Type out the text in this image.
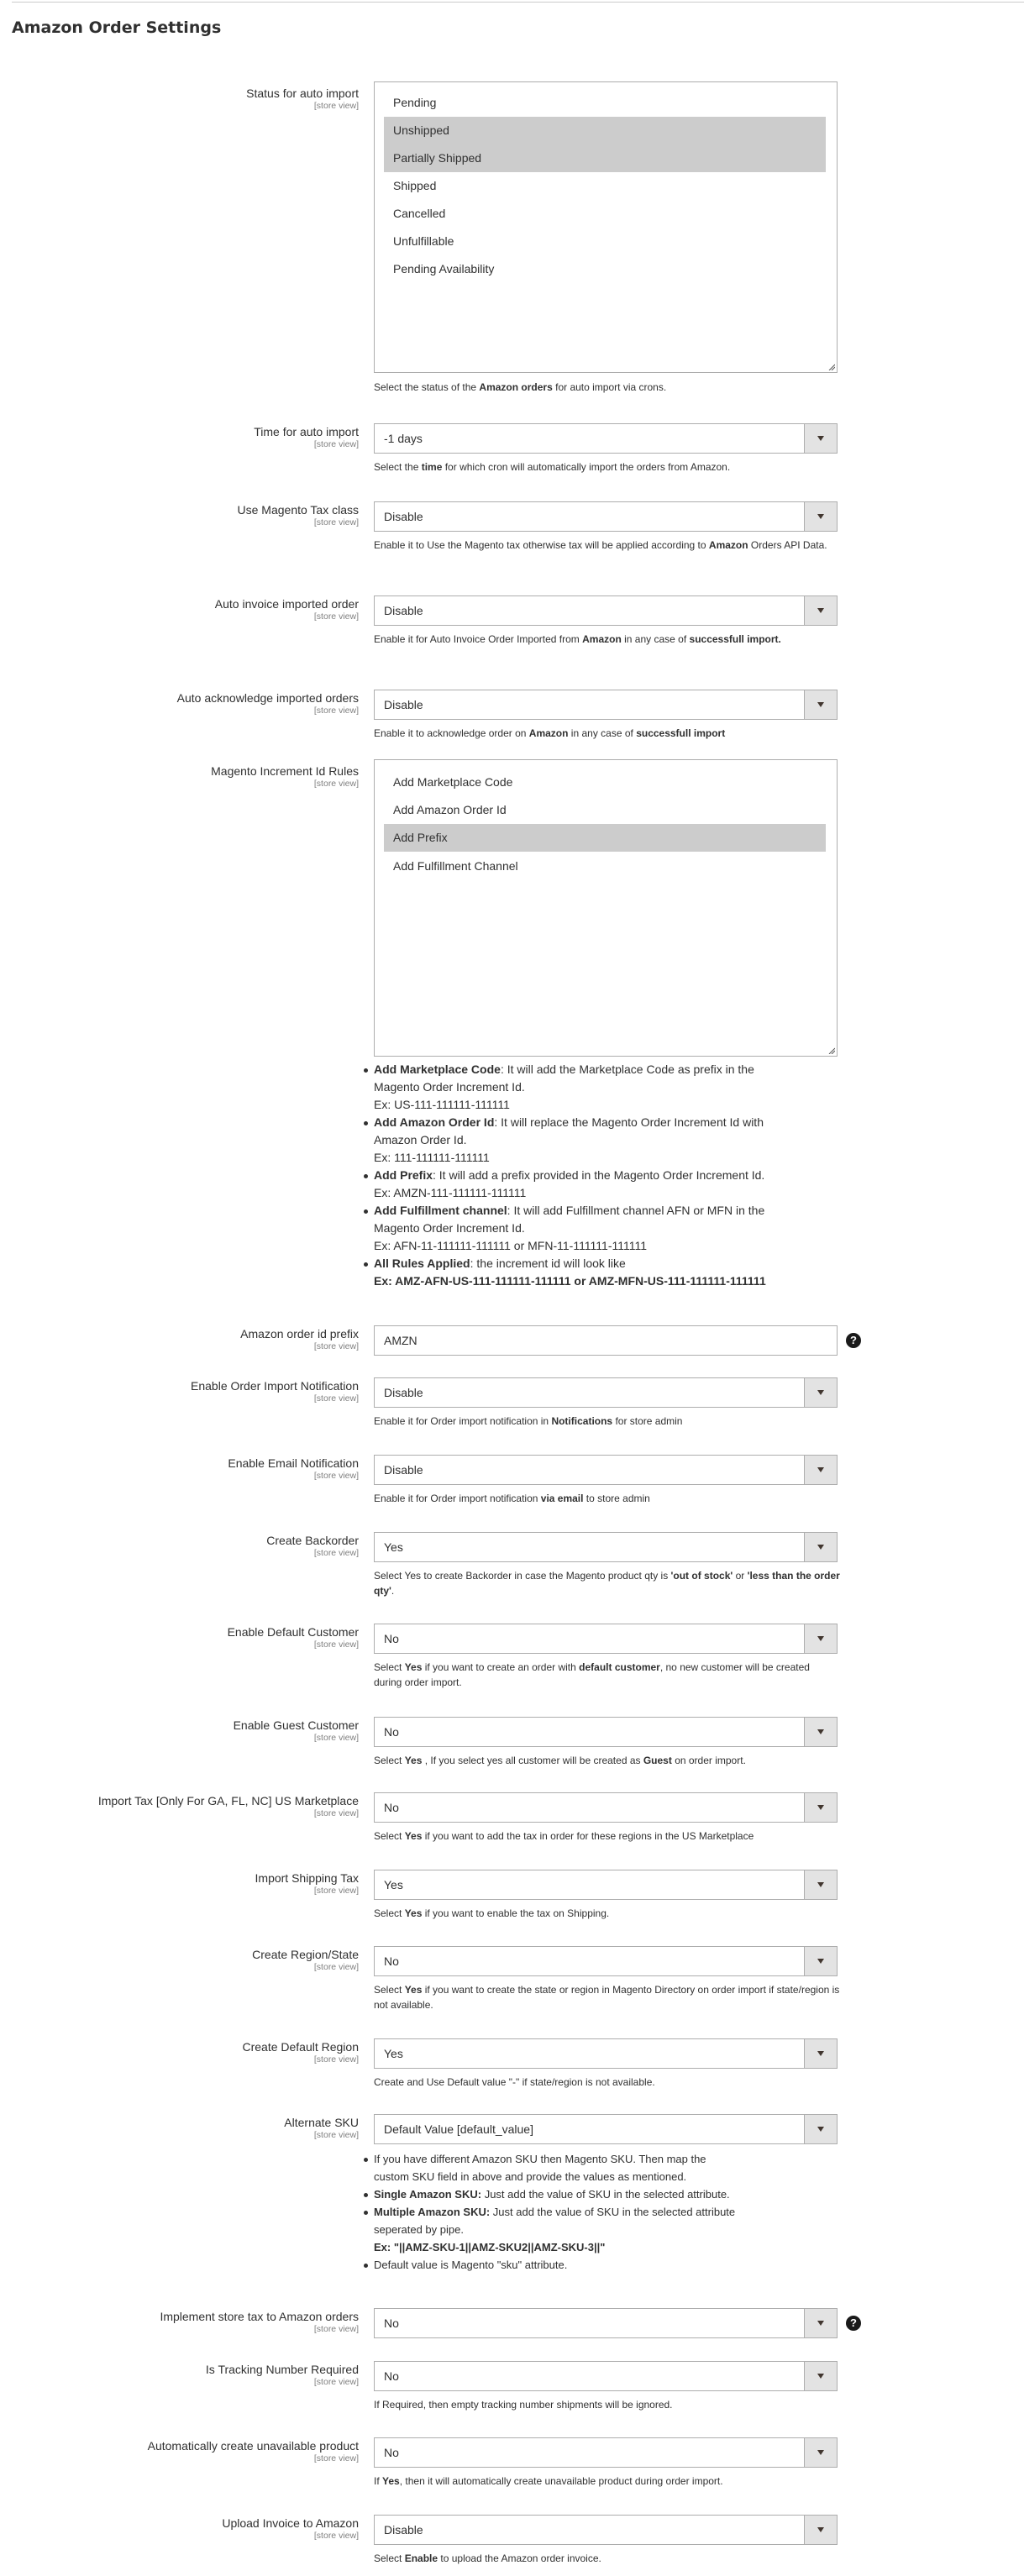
Amazon Order Settings
Status for auto import
[store view]	Pending
Unshipped
Partially Shipped
Shipped
Cancelled
Unfulfillable
Pending Availability
Select the status of the Amazon orders for auto import via crons.
Time for auto import
[store view] -1 days
Select the time for which cron will automatically import the orders from Amazon.
Use Magento Tax class
[store view] Disable
Enable it to Use the Magento tax otherwise tax will be applied according to Amazon Orders API Data.
Auto invoice imported order
[store view] Disable
Enable it for Auto Invoice Order Imported from Amazon in any case of successfull import.
Auto acknowledge imported orders
[store view] Disable
Enable it to acknowledge order on Amazon in any case of successfull import
Magento Increment Id Rules
[store view]	Add Marketplace Code
Add Amazon Order Id
Add Prefix
Add Fulfillment Channel
Add Marketplace Code: It will add the Marketplace Code as prefix in the
Magento Order Increment Id.
Ex: US-111-111111-111111
Add Amazon Order Id: It will replace the Magento Order Increment Id with
Amazon Order Id.
Ex: 111-111111-111111
Add Prefix: It will add a prefix provided in the Magento Order Increment Id.
Ex: AMZN-111-111111-111111
Add Fulfillment channel: It will add Fulfillment channel AFN or MFN in the
Magento Order Increment Id.
Ex: AFN-11-111111-111111 or MFN-11-111111-111111
All Rules Applied: the increment id will look like
Ex: AMZ-AFN-US-111-111111-111111 or AMZ-MFN-US-111-111111-111111
Amazon order id prefix
[store view]
AMZN	?
Enable Order Import Notification
[store view] Disable
Enable it for Order import notification in Notifications for store admin
Enable Email Notification
[store view] Disable
Enable it for Order import notification via email to store admin
Create Backorder
[store view] Yes
Select Yes to create Backorder in case the Magento product qty is 'out of stock' or 'less than the order qty'.
Enable Default Customer
[store view] No
Select Yes if you want to create an order with default customer, no new customer will be created during order import.
Enable Guest Customer
[store view] No
Select Yes , If you select yes all customer will be created as Guest on order import.
Import Tax [Only For GA, FL, NC] US Marketplace
[store view] No
Select Yes if you want to add the tax in order for these regions in the US Marketplace
Import Shipping Tax
[store view] Yes
Select Yes if you want to enable the tax on Shipping.
Create Region/State
[store view] No
Select Yes if you want to create the state or region in Magento Directory on order import if state/region is not available.
Create Default Region
[store view] Yes
Create and Use Default value "-" if state/region is not available.
Alternate SKU
[store view] Default Value [default_value]
If you have different Amazon SKU then Magento SKU. Then map the
custom SKU field in above and provide the values as mentioned.
Single Amazon SKU: Just add the value of SKU in the selected attribute.
Multiple Amazon SKU: Just add the value of SKU in the selected attribute
seperated by pipe.
Ex: "||AMZ-SKU-1||AMZ-SKU2||AMZ-SKU-3||"
Default value is Magento "sku" attribute.
Implement store tax to Amazon orders
[store view] No	?
Is Tracking Number Required
[store view] No
If Required, then empty tracking number shipments will be ignored.
Automatically create unavailable product
[store view] No
If Yes, then it will automatically create unavailable product during order import.
Upload Invoice to Amazon
[store view] Disable
Select Enable to upload the Amazon order invoice.
